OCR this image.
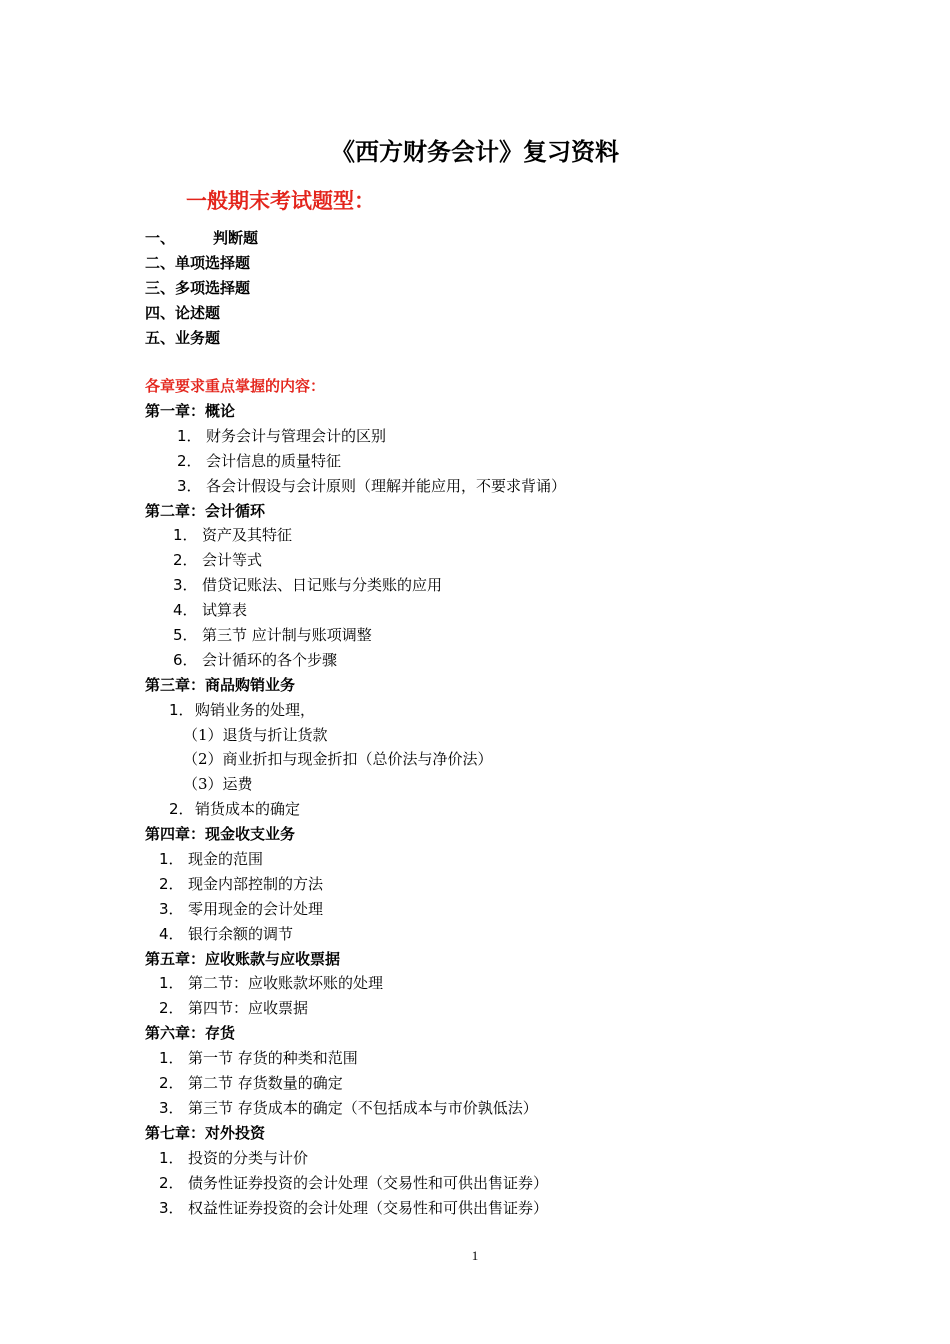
《西方财务会计》复习资料
一般期末考试题型：
一、	判断题
二、单项选择题
三、多项选择题
四、论述题
五、业务题
各章要求重点掌握的内容：
第一章：概论
1． 财务会计与管理会计的区别
2． 会计信息的质量特征
3． 各会计假设与会计原则（理解并能应用，不要求背诵）
第二章：会计循环
1． 资产及其特征
2． 会计等式
3． 借贷记账法、日记账与分类账的应用
4． 试算表
5． 第三节 应计制与账项调整
6． 会计循环的各个步骤
第三章：商品购销业务
1．购销业务的处理，
（1）退货与折让货款
（2）商业折扣与现金折扣（总价法与净价法）
（3）运费
2．销货成本的确定
第四章：现金收支业务
1． 现金的范围
2． 现金内部控制的方法
3． 零用现金的会计处理
4． 银行余额的调节
第五章：应收账款与应收票据
1． 第二节：应收账款坏账的处理
2． 第四节：应收票据
第六章：存货
1． 第一节 存货的种类和范围
2． 第二节 存货数量的确定
3． 第三节 存货成本的确定（不包括成本与市价孰低法）
第七章：对外投资
1． 投资的分类与计价
2． 债务性证券投资的会计处理（交易性和可供出售证券）
3． 权益性证券投资的会计处理（交易性和可供出售证券）
1
